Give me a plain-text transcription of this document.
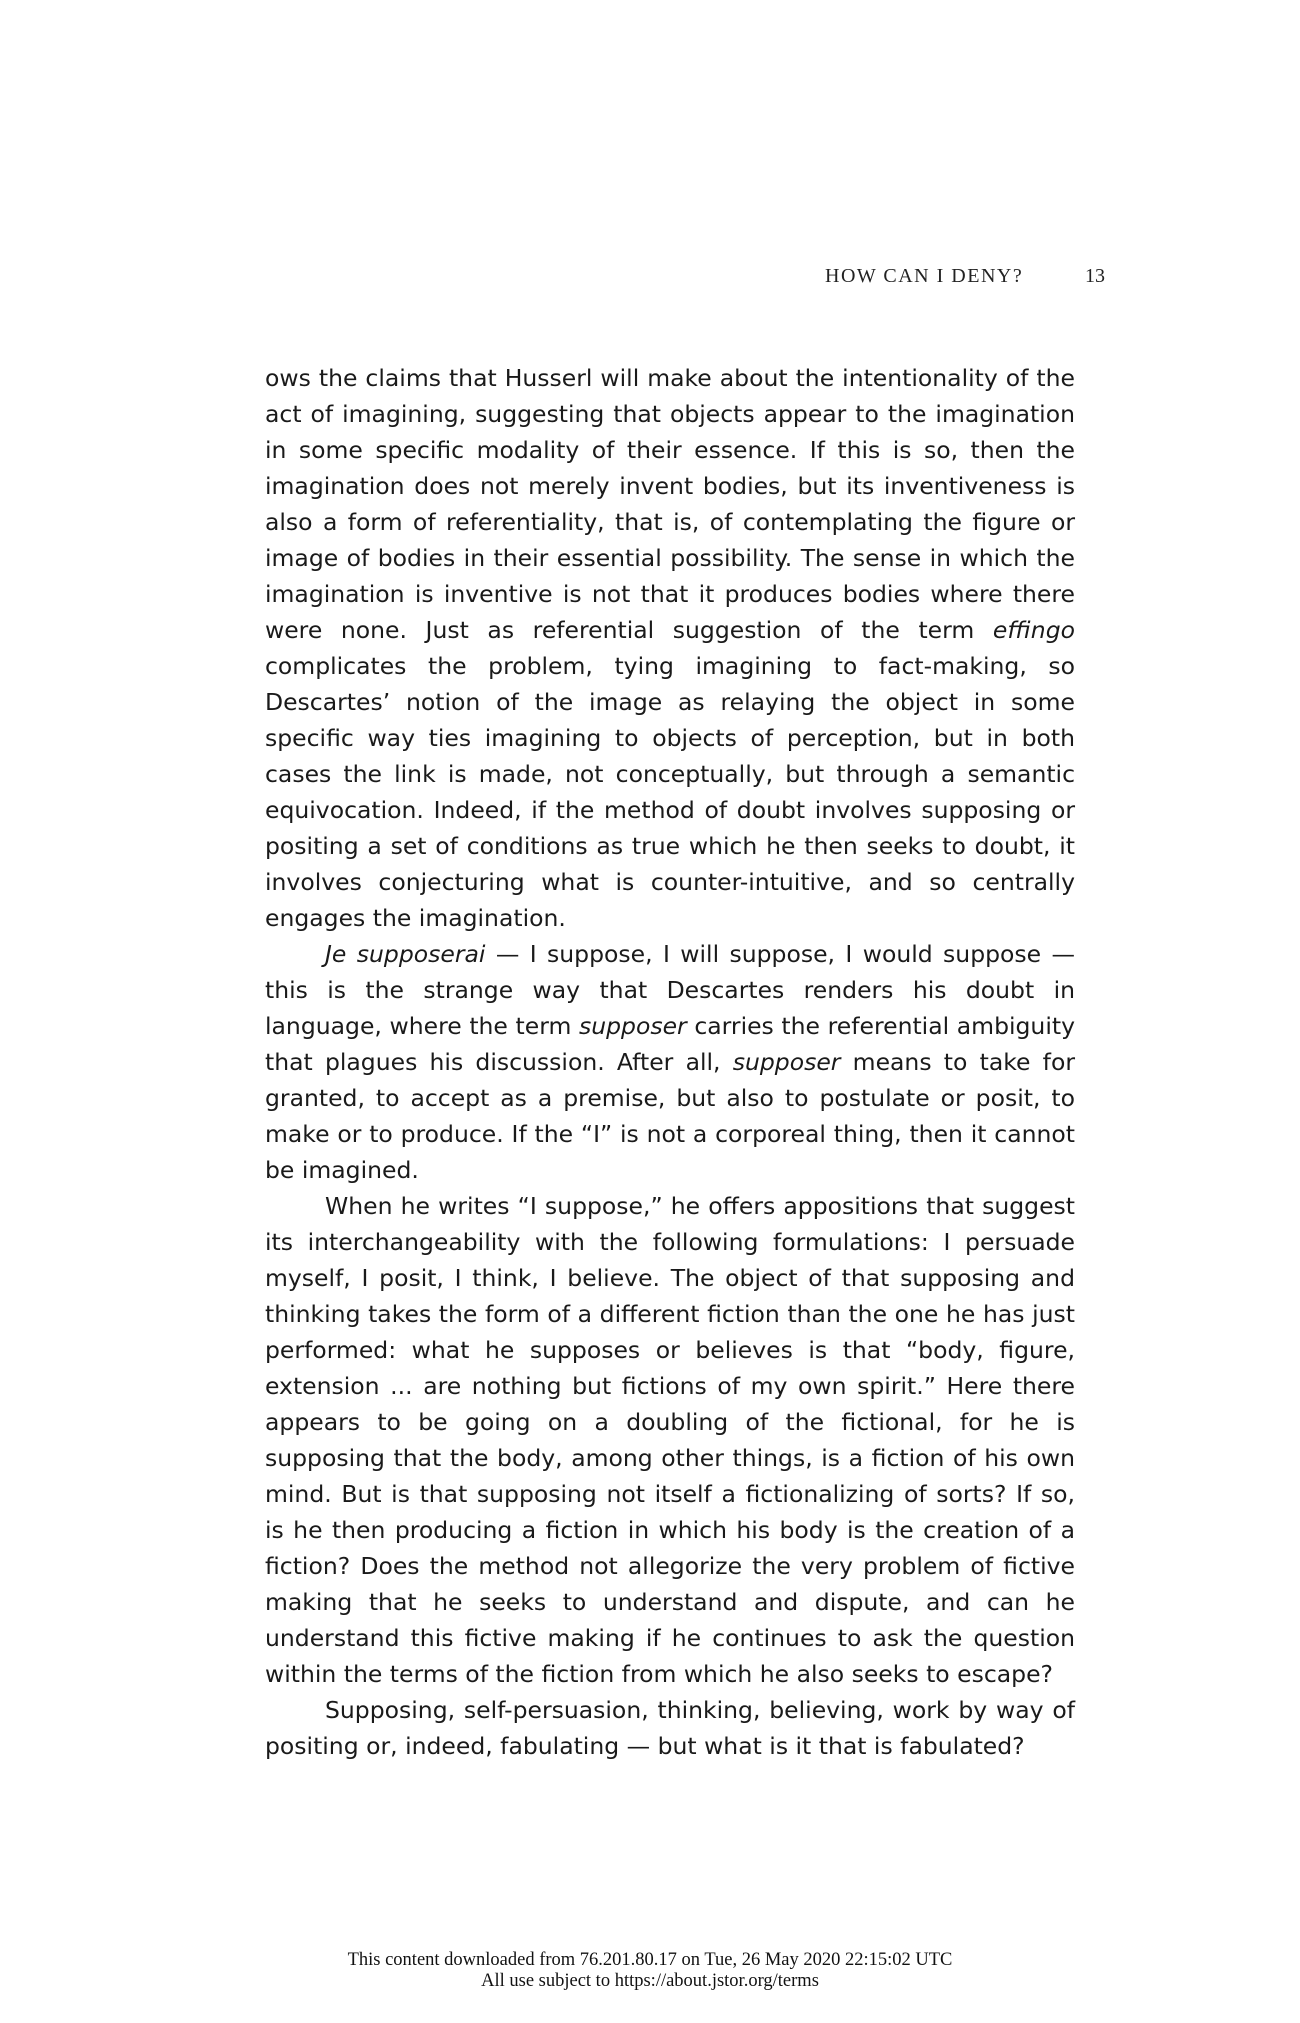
HOW CAN I DENY?	13

ows the claims that Husserl will make about the intentionality of the act of imagining, suggesting that objects appear to the imagination in some specific modality of their essence. If this is so, then the imagination does not merely invent bodies, but its inventiveness is also a form of referentiality, that is, of contemplating the figure or image of bodies in their essential possibility. The sense in which the imagination is inventive is not that it produces bodies where there were none. Just as referential suggestion of the term effingo complicates the problem, tying imagining to fact-making, so Descartes’ notion of the image as relaying the object in some specific way ties imagining to objects of perception, but in both cases the link is made, not conceptually, but through a semantic equivocation. Indeed, if the method of doubt involves supposing or positing a set of conditions as true which he then seeks to doubt, it involves conjecturing what is counter-intuitive, and so centrally engages the imagination.

Je supposerai — I suppose, I will suppose, I would suppose — this is the strange way that Descartes renders his doubt in language, where the term supposer carries the referential ambiguity that plagues his discussion. After all, supposer means to take for granted, to accept as a premise, but also to postulate or posit, to make or to produce. If the “I” is not a corporeal thing, then it cannot be imagined.

When he writes “I suppose,” he offers appositions that suggest its interchangeability with the following formulations: I persuade myself, I posit, I think, I believe. The object of that supposing and thinking takes the form of a different fiction than the one he has just performed: what he supposes or believes is that “body, figure, extension ... are nothing but fictions of my own spirit.” Here there appears to be going on a doubling of the fictional, for he is supposing that the body, among other things, is a fiction of his own mind. But is that supposing not itself a fictionalizing of sorts? If so, is he then producing a fiction in which his body is the creation of a fiction? Does the method not allegorize the very problem of fictive making that he seeks to understand and dispute, and can he understand this fictive making if he continues to ask the question within the terms of the fiction from which he also seeks to escape?

Supposing, self-persuasion, thinking, believing, work by way of positing or, indeed, fabulating — but what is it that is fabulated?

This content downloaded from 76.201.80.17 on Tue, 26 May 2020 22:15:02 UTC
All use subject to https://about.jstor.org/terms
